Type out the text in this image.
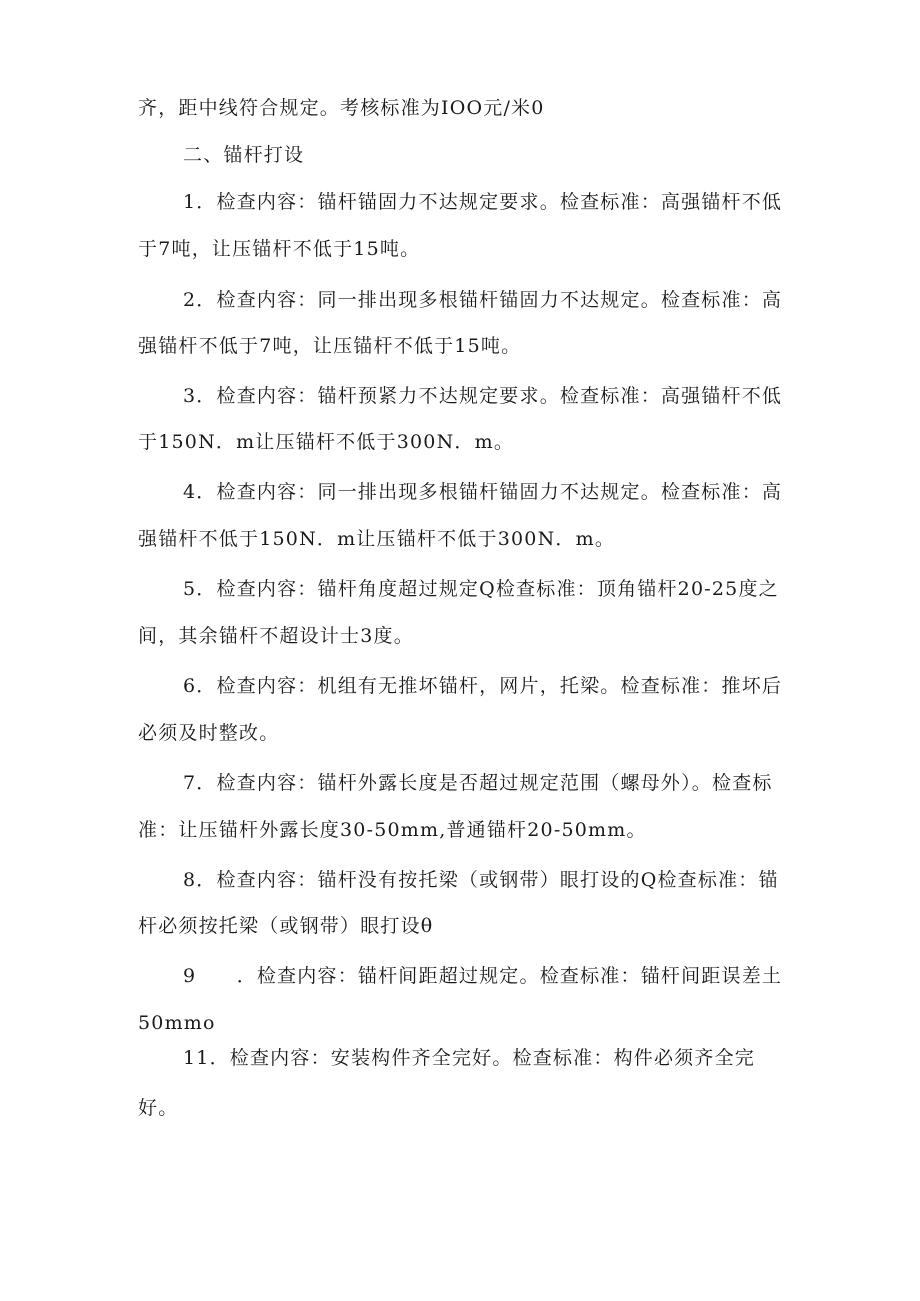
齐，距中线符合规定。考核标准为IOO元/米0
二、锚杆打设
1．检查内容：锚杆锚固力不达规定要求。检查标准：高强锚杆不低
于7吨，让压锚杆不低于15吨。
2．检查内容：同一排出现多根锚杆锚固力不达规定。检查标准：高
强锚杆不低于7吨，让压锚杆不低于15吨。
3．检查内容：锚杆预紧力不达规定要求。检查标准：高强锚杆不低
于150N．m让压锚杆不低于300N．m。
4．检查内容：同一排出现多根锚杆锚固力不达规定。检查标准：高
强锚杆不低于150N．m让压锚杆不低于300N．m。
5．检查内容：锚杆角度超过规定Q检查标准：顶角锚杆20-25度之
间，其余锚杆不超设计士3度。
6．检查内容：机组有无推坏锚杆，网片，托梁。检查标准：推坏后
必须及时整改。
7．检查内容：锚杆外露长度是否超过规定范围（螺母外）。检查标
准：让压锚杆外露长度30-50mm,普通锚杆20-50mm。
8．检查内容：锚杆没有按托梁（或钢带）眼打设的Q检查标准：锚
杆必须按托梁（或钢带）眼打设θ
9　　．检查内容：锚杆间距超过规定。检查标准：锚杆间距误差土
50mmo
11．检查内容：安装构件齐全完好。检查标准：构件必须齐全完
好。
